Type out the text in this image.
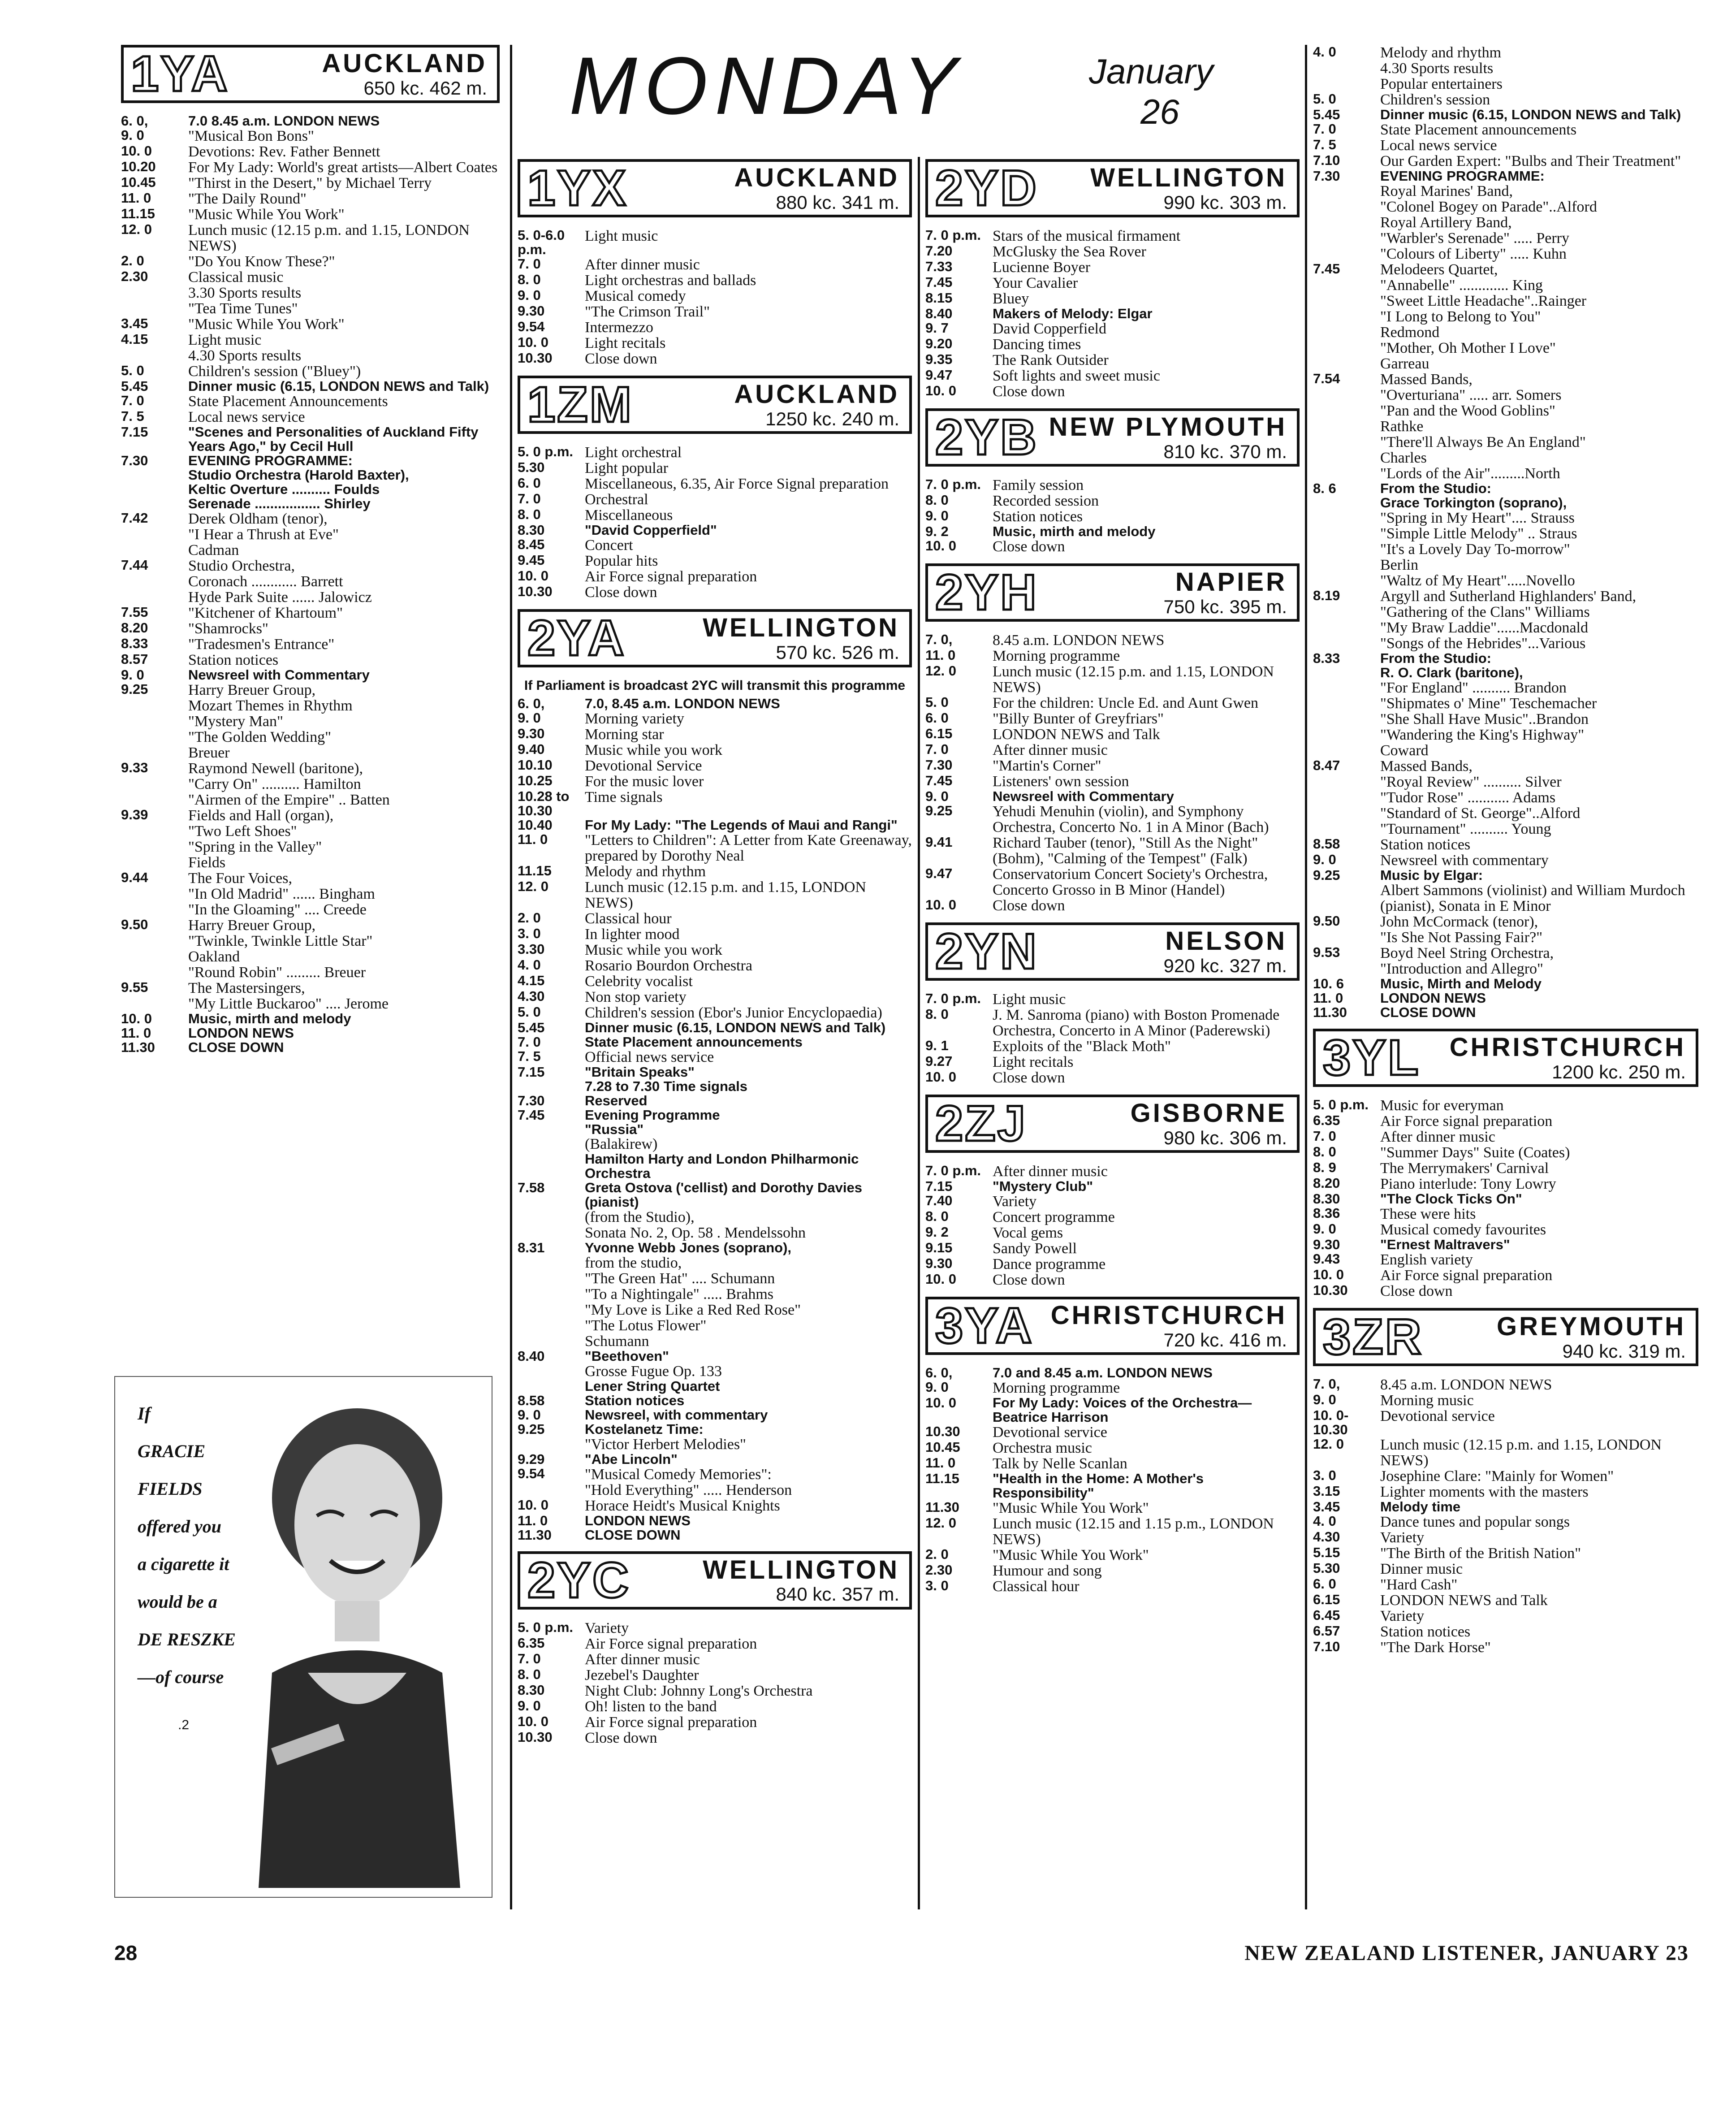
MONDAY	January
26
1YA	AUCKLAND
650 kc. 462 m.
6. 0,	7.0 8.45 a.m. LONDON NEWS
9. 0	"Musical Bon Bons"
10. 0	Devotions: Rev. Father Bennett
10.20	For My Lady: World's great artists—Albert Coates
10.45	"Thirst in the Desert," by Michael Terry
11. 0	"The Daily Round"
11.15	"Music While You Work"
12. 0	Lunch music (12.15 p.m. and 1.15, LONDON NEWS)
2. 0	"Do You Know These?"
2.30	Classical music
3.30 Sports results
"Tea Time Tunes"
3.45	"Music While You Work"
4.15	Light music
4.30 Sports results
5. 0	Children's session ("Bluey")
5.45	Dinner music (6.15, LONDON NEWS and Talk)
7. 0	State Placement Announcements
7. 5	Local news service
7.15	"Scenes and Personalities of Auckland Fifty Years Ago," by Cecil Hull
7.30	EVENING PROGRAMME:
Studio Orchestra (Harold Baxter),
Keltic Overture .......... Foulds
Serenade ................. Shirley
7.42	Derek Oldham (tenor),
"I Hear a Thrush at Eve"
Cadman
7.44	Studio Orchestra,
Coronach ............ Barrett
Hyde Park Suite ...... Jalowicz
7.55	"Kitchener of Khartoum"
8.20	"Shamrocks"
8.33	"Tradesmen's Entrance"
8.57	Station notices
9. 0	Newsreel with Commentary
9.25	Harry Breuer Group,
Mozart Themes in Rhythm
"Mystery Man"
"The Golden Wedding"
Breuer
9.33	Raymond Newell (baritone),
"Carry On" .......... Hamilton
"Airmen of the Empire" .. Batten
9.39	Fields and Hall (organ),
"Two Left Shoes"
"Spring in the Valley"
Fields
9.44	The Four Voices,
"In Old Madrid" ...... Bingham
"In the Gloaming" .... Creede
9.50	Harry Breuer Group,
"Twinkle, Twinkle Little Star"
Oakland
"Round Robin" ......... Breuer
9.55	The Mastersingers,
"My Little Buckaroo" .... Jerome
10. 0	Music, mirth and melody
11. 0	LONDON NEWS
11.30	CLOSE DOWN
1YX	AUCKLAND
880 kc. 341 m.
5. 0-6.0 p.m.
Light music
7. 0	After dinner music
8. 0	Light orchestras and ballads
9. 0	Musical comedy
9.30	"The Crimson Trail"
9.54	Intermezzo
10. 0	Light recitals
10.30	Close down
1ZM	AUCKLAND
1250 kc. 240 m.
5. 0 p.m. Light orchestral
5.30	Light popular
6. 0	Miscellaneous, 6.35, Air Force Signal preparation
7. 0	Orchestral
8. 0	Miscellaneous
8.30	"David Copperfield"
8.45	Concert
9.45	Popular hits
10. 0	Air Force signal preparation
10.30	Close down
2YA	WELLINGTON
570 kc. 526 m.
If Parliament is broadcast 2YC will transmit this programme
6. 0,	7.0, 8.45 a.m. LONDON NEWS
9. 0	Morning variety
9.30	Morning star
9.40	Music while you work
10.10	Devotional Service
10.25	For the music lover
10.28 to 10.30
Time signals
10.40	For My Lady: "The Legends of Maui and Rangi"
11. 0	"Letters to Children": A Letter from Kate Greenaway, prepared by Dorothy Neal
11.15	Melody and rhythm
12. 0	Lunch music (12.15 p.m. and 1.15, LONDON NEWS)
2. 0	Classical hour
3. 0	In lighter mood
3.30	Music while you work
4. 0	Rosario Bourdon Orchestra
4.15	Celebrity vocalist
4.30	Non stop variety
5. 0	Children's session (Ebor's Junior Encyclopaedia)
5.45	Dinner music (6.15, LONDON NEWS and Talk)
7. 0	State Placement announcements
7. 5	Official news service
7.15	"Britain Speaks"
7.28 to 7.30 Time signals
7.30	Reserved
7.45	Evening Programme
"Russia"
(Balakirew)
Hamilton Harty and London Philharmonic Orchestra
7.58	Greta Ostova ('cellist) and Dorothy Davies (pianist)
(from the Studio),
Sonata No. 2, Op. 58 . Mendelssohn
8.31	Yvonne Webb Jones (soprano),
from the studio,
"The Green Hat" .... Schumann
"To a Nightingale" ..... Brahms
"My Love is Like a Red Red Rose"
"The Lotus Flower"
Schumann
8.40	"Beethoven"
Grosse Fugue Op. 133
Lener String Quartet
8.58	Station notices
9. 0	Newsreel, with commentary
9.25	Kostelanetz Time:
"Victor Herbert Melodies"
9.29	"Abe Lincoln"
9.54	"Musical Comedy Memories":
"Hold Everything" ..... Henderson
10. 0	Horace Heidt's Musical Knights
11. 0	LONDON NEWS
11.30	CLOSE DOWN
2YC	WELLINGTON
840 kc. 357 m.
5. 0 p.m. Variety
6.35	Air Force signal preparation
7. 0	After dinner music
8. 0	Jezebel's Daughter
8.30	Night Club: Johnny Long's Orchestra
9. 0	Oh! listen to the band
10. 0	Air Force signal preparation
10.30	Close down
2YD WELLINGTON
990 kc. 303 m.
7. 0 p.m. Stars of the musical firmament
7.20	McGlusky the Sea Rover
7.33	Lucienne Boyer
7.45	Your Cavalier
8.15	Bluey
8.40	Makers of Melody: Elgar
9. 7	David Copperfield
9.20	Dancing times
9.35	The Rank Outsider
9.47	Soft lights and sweet music
10. 0	Close down
2YB NEW PLYMOUTH
810 kc. 370 m.
7. 0 p.m. Family session
8. 0	Recorded session
9. 0	Station notices
9. 2	Music, mirth and melody
10. 0	Close down
2YH	NAPIER
750 kc. 395 m.
7. 0,	8.45 a.m. LONDON NEWS
11. 0	Morning programme
12. 0	Lunch music (12.15 p.m. and 1.15, LONDON NEWS)
5. 0	For the children: Uncle Ed. and Aunt Gwen
6. 0	"Billy Bunter of Greyfriars"
6.15	LONDON NEWS and Talk
7. 0	After dinner music
7.30	"Martin's Corner"
7.45	Listeners' own session
9. 0	Newsreel with Commentary
9.25	Yehudi Menuhin (violin), and Symphony Orchestra, Concerto No. 1 in A Minor (Bach)
9.41	Richard Tauber (tenor), "Still As the Night" (Bohm), "Calming of the Tempest" (Falk)
9.47	Conservatorium Concert Society's Orchestra, Concerto Grosso in B Minor (Handel)
10. 0	Close down
2YN	NELSON
920 kc. 327 m.
7. 0 p.m. Light music
8. 0	J. M. Sanroma (piano) with Boston Promenade Orchestra, Concerto in A Minor (Paderewski)
9. 1	Exploits of the "Black Moth"
9.27	Light recitals
10. 0	Close down
2ZJ	GISBORNE
980 kc. 306 m.
7. 0 p.m. After dinner music
7.15	"Mystery Club"
7.40	Variety
8. 0	Concert programme
9. 2	Vocal gems
9.15	Sandy Powell
9.30	Dance programme
10. 0	Close down
3YA CHRISTCHURCH
720 kc. 416 m.
6. 0,	7.0 and 8.45 a.m. LONDON NEWS
9. 0	Morning programme
10. 0	For My Lady: Voices of the Orchestra—Beatrice Harrison
10.30	Devotional service
10.45	Orchestra music
11. 0	Talk by Nelle Scanlan
11.15	"Health in the Home: A Mother's Responsibility"
11.30	"Music While You Work"
12. 0	Lunch music (12.15 and 1.15 p.m., LONDON NEWS)
2. 0	"Music While You Work"
2.30	Humour and song
3. 0	Classical hour
4. 0	Melody and rhythm
4.30 Sports results
Popular entertainers
5. 0	Children's session
5.45	Dinner music (6.15, LONDON NEWS and Talk)
7. 0	State Placement announcements
7. 5	Local news service
7.10	Our Garden Expert: "Bulbs and Their Treatment"
7.30	EVENING PROGRAMME:
Royal Marines' Band,
"Colonel Bogey on Parade"..Alford
Royal Artillery Band,
"Warbler's Serenade" ..... Perry
"Colours of Liberty" ..... Kuhn
7.45	Melodeers Quartet,
"Annabelle" ............. King
"Sweet Little Headache"..Rainger
"I Long to Belong to You"
Redmond
"Mother, Oh Mother I Love"
Garreau
7.54	Massed Bands,
"Overturiana" ..... arr. Somers
"Pan and the Wood Goblins"
Rathke
"There'll Always Be An England"
Charles
"Lords of the Air".........North
8. 6	From the Studio:
Grace Torkington (soprano),
"Spring in My Heart".... Strauss
"Simple Little Melody" .. Straus
"It's a Lovely Day To-morrow"
Berlin
"Waltz of My Heart".....Novello
8.19	Argyll and Sutherland Highlanders' Band,
"Gathering of the Clans" Williams
"My Braw Laddie"......Macdonald
"Songs of the Hebrides"...Various
8.33	From the Studio:
R. O. Clark (baritone),
"For England" .......... Brandon
"Shipmates o' Mine" Teschemacher
"She Shall Have Music"..Brandon
"Wandering the King's Highway"
Coward
8.47	Massed Bands,
"Royal Review" .......... Silver
"Tudor Rose" ........... Adams
"Standard of St. George"..Alford
"Tournament" .......... Young
8.58	Station notices
9. 0	Newsreel with commentary
9.25	Music by Elgar:
Albert Sammons (violinist) and William Murdoch (pianist), Sonata in E Minor
9.50	John McCormack (tenor),
"Is She Not Passing Fair?"
9.53	Boyd Neel String Orchestra,
"Introduction and Allegro"
10. 6	Music, Mirth and Melody
11. 0	LONDON NEWS
11.30	CLOSE DOWN
3YL CHRISTCHURCH
1200 kc. 250 m.
5. 0 p.m. Music for everyman
6.35	Air Force signal preparation
7. 0	After dinner music
8. 0	"Summer Days" Suite (Coates)
8. 9	The Merrymakers' Carnival
8.20	Piano interlude: Tony Lowry
8.30	"The Clock Ticks On"
8.36	These were hits
9. 0	Musical comedy favourites
9.30	"Ernest Maltravers"
9.43	English variety
10. 0	Air Force signal preparation
10.30	Close down
3ZR	GREYMOUTH
940 kc. 319 m.
7. 0,	8.45 a.m. LONDON NEWS
9. 0	Morning music
10. 0-10.30
Devotional service
12. 0	Lunch music (12.15 p.m. and 1.15, LONDON NEWS)
3. 0	Josephine Clare: "Mainly for Women"
3.15	Lighter moments with the masters
3.45	Melody time
4. 0	Dance tunes and popular songs
4.30	Variety
5.15	"The Birth of the British Nation"
5.30	Dinner music
6. 0	"Hard Cash"
6.15	LONDON NEWS and Talk
6.45	Variety
6.57	Station notices
7.10	"The Dark Horse"
If
GRACIE
FIELDS
offered you
a cigarette it
would be a
DE RESZKE
—of course
.2
28	NEW ZEALAND LISTENER, JANUARY 23
